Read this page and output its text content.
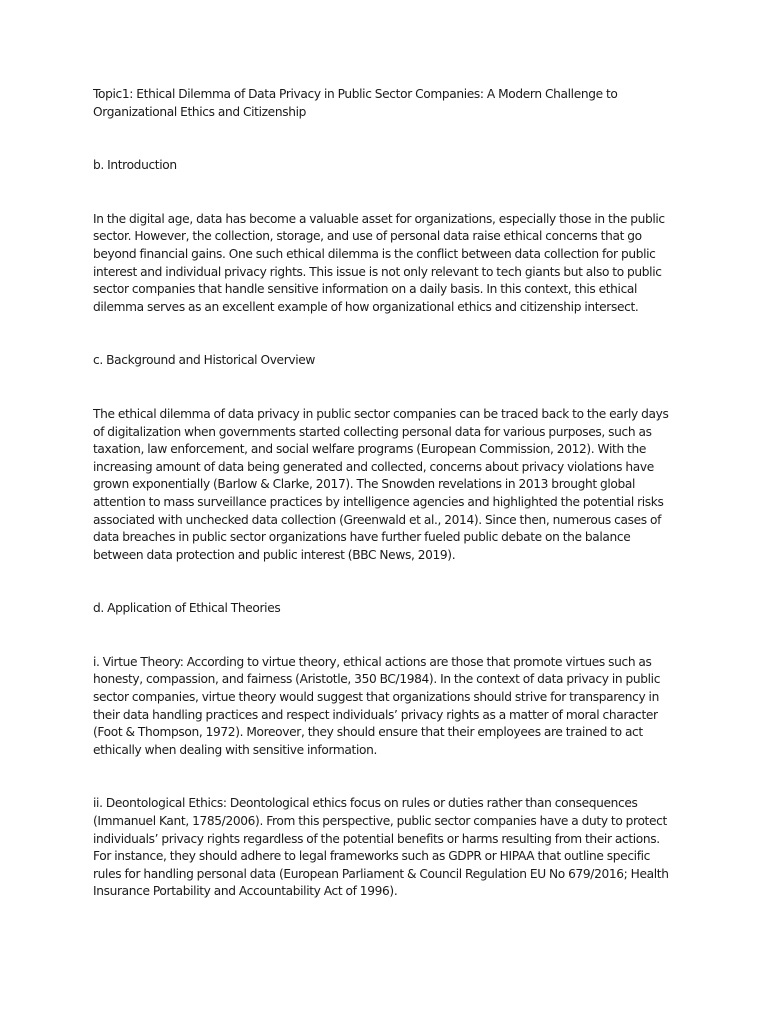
Topic1: Ethical Dilemma of Data Privacy in Public Sector Companies: A Modern Challenge to Organizational Ethics and Citizenship

b. Introduction

In the digital age, data has become a valuable asset for organizations, especially those in the public sector. However, the collection, storage, and use of personal data raise ethical concerns that go beyond financial gains. One such ethical dilemma is the conflict between data collection for public interest and individual privacy rights. This issue is not only relevant to tech giants but also to public sector companies that handle sensitive information on a daily basis. In this context, this ethical dilemma serves as an excellent example of how organizational ethics and citizenship intersect.

c. Background and Historical Overview

The ethical dilemma of data privacy in public sector companies can be traced back to the early days of digitalization when governments started collecting personal data for various purposes, such as taxation, law enforcement, and social welfare programs (European Commission, 2012). With the increasing amount of data being generated and collected, concerns about privacy violations have grown exponentially (Barlow & Clarke, 2017). The Snowden revelations in 2013 brought global attention to mass surveillance practices by intelligence agencies and highlighted the potential risks associated with unchecked data collection (Greenwald et al., 2014). Since then, numerous cases of data breaches in public sector organizations have further fueled public debate on the balance between data protection and public interest (BBC News, 2019).

d. Application of Ethical Theories

i. Virtue Theory: According to virtue theory, ethical actions are those that promote virtues such as honesty, compassion, and fairness (Aristotle, 350 BC/1984). In the context of data privacy in public sector companies, virtue theory would suggest that organizations should strive for transparency in their data handling practices and respect individuals’ privacy rights as a matter of moral character (Foot & Thompson, 1972). Moreover, they should ensure that their employees are trained to act ethically when dealing with sensitive information.

ii. Deontological Ethics: Deontological ethics focus on rules or duties rather than consequences (Immanuel Kant, 1785/2006). From this perspective, public sector companies have a duty to protect individuals’ privacy rights regardless of the potential benefits or harms resulting from their actions. For instance, they should adhere to legal frameworks such as GDPR or HIPAA that outline specific rules for handling personal data (European Parliament & Council Regulation EU No 679/2016; Health Insurance Portability and Accountability Act of 1996).
